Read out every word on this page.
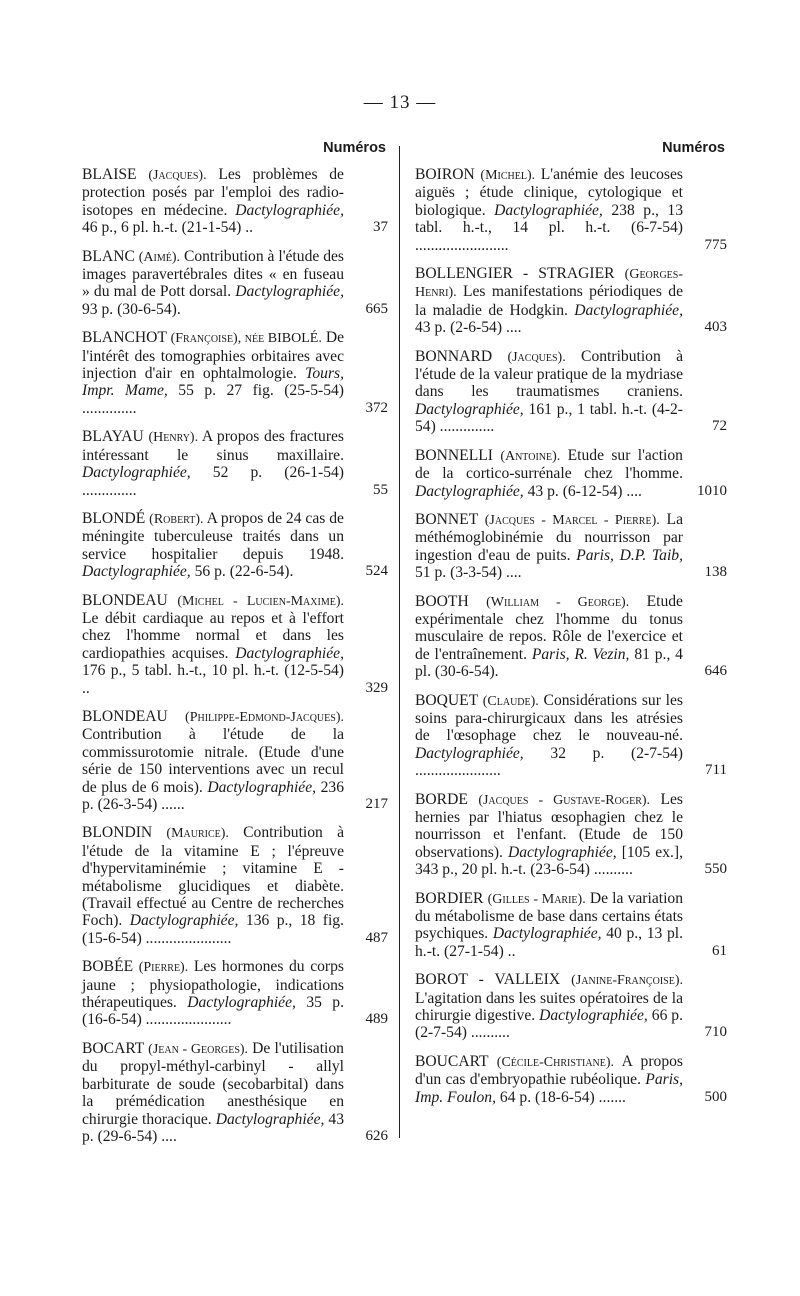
— 13 —
Numéros
BLAISE (Jacques). Les problèmes de protection posés par l'emploi des radio-isotopes en médecine. Dactylographiée, 46 p., 6 pl. h.-t. (21-1-54) ..	37
BLANC (Aimé). Contribution à l'étude des images paravertébrales dites « en fuseau » du mal de Pott dorsal. Dactylographiée, 93 p. (30-6-54).	665
BLANCHOT (Françoise), née BIBOLÉ. De l'intérêt des tomographies orbitaires avec injection d'air en ophtalmologie. Tours, Impr. Mame, 55 p. 27 fig. (25-5-54) ..............	372
BLAYAU (Henry). A propos des fractures intéressant le sinus maxillaire. Dactylographiée, 52 p. (26-1-54) ..............	55
BLONDÉ (Robert). A propos de 24 cas de méningite tuberculeuse traités dans un service hospitalier depuis 1948. Dactylographiée, 56 p. (22-6-54).	524
BLONDEAU (Michel - Lucien-Maxime). Le débit cardiaque au repos et à l'effort chez l'homme normal et dans les cardiopathies acquises. Dactylographiée, 176 p., 5 tabl. h.-t., 10 pl. h.-t. (12-5-54) ..	329
BLONDEAU (Philippe-Edmond-Jacques). Contribution à l'étude de la commissurotomie nitrale. (Etude d'une série de 150 interventions avec un recul de plus de 6 mois). Dactylographiée, 236 p. (26-3-54) ......	217
BLONDIN (Maurice). Contribution à l'étude de la vitamine E ; l'épreuve d'hypervitaminémie ; vitamine E - métabolisme glucidiques et diabète. (Travail effectué au Centre de recherches Foch). Dactylographiée, 136 p., 18 fig. (15-6-54) ......................	487
BOBÉE (Pierre). Les hormones du corps jaune ; physiopathologie, indications thérapeutiques. Dactylographiée, 35 p. (16-6-54) ......................	489
BOCART (Jean - Georges). De l'utilisation du propyl-méthyl-carbinyl - allyl barbiturate de soude (secobarbital) dans la prémédication anesthésique en chirurgie thoracique. Dactylographiée, 43 p. (29-6-54) ....	626
Numéros
BOIRON (Michel). L'anémie des leucoses aiguës ; étude clinique, cytologique et biologique. Dactylographiée, 238 p., 13 tabl. h.-t., 14 pl. h.-t. (6-7-54) ........................	775
BOLLENGIER - STRAGIER (Georges-Henri). Les manifestations périodiques de la maladie de Hodgkin. Dactylographiée, 43 p. (2-6-54) ....	403
BONNARD (Jacques). Contribution à l'étude de la valeur pratique de la mydriase dans les traumatismes craniens. Dactylographiée, 161 p., 1 tabl. h.-t. (4-2-54) ..............	72
BONNELLI (Antoine). Etude sur l'action de la cortico-surrénale chez l'homme. Dactylographiée, 43 p. (6-12-54) ....	1010
BONNET (Jacques - Marcel - Pierre). La méthémoglobinémie du nourrisson par ingestion d'eau de puits. Paris, D.P. Taib, 51 p. (3-3-54) ....	138
BOOTH (William - George). Etude expérimentale chez l'homme du tonus musculaire de repos. Rôle de l'exercice et de l'entraînement. Paris, R. Vezin, 81 p., 4 pl. (30-6-54).	646
BOQUET (Claude). Considérations sur les soins para-chirurgicaux dans les atrésies de l'œsophage chez le nouveau-né. Dactylographiée, 32 p. (2-7-54) ......................	711
BORDE (Jacques - Gustave-Roger). Les hernies par l'hiatus œsophagien chez le nourrisson et l'enfant. (Etude de 150 observations). Dactylographiée, [105 ex.], 343 p., 20 pl. h.-t. (23-6-54) ..........	550
BORDIER (Gilles - Marie). De la variation du métabolisme de base dans certains états psychiques. Dactylographiée, 40 p., 13 pl. h.-t. (27-1-54) ..	61
BOROT - VALLEIX (Janine-Françoise). L'agitation dans les suites opératoires de la chirurgie digestive. Dactylographiée, 66 p. (2-7-54) ..........	710
BOUCART (Cécile-Christiane). A propos d'un cas d'embryopathie rubéolique. Paris, Imp. Foulon, 64 p. (18-6-54) .......	500
